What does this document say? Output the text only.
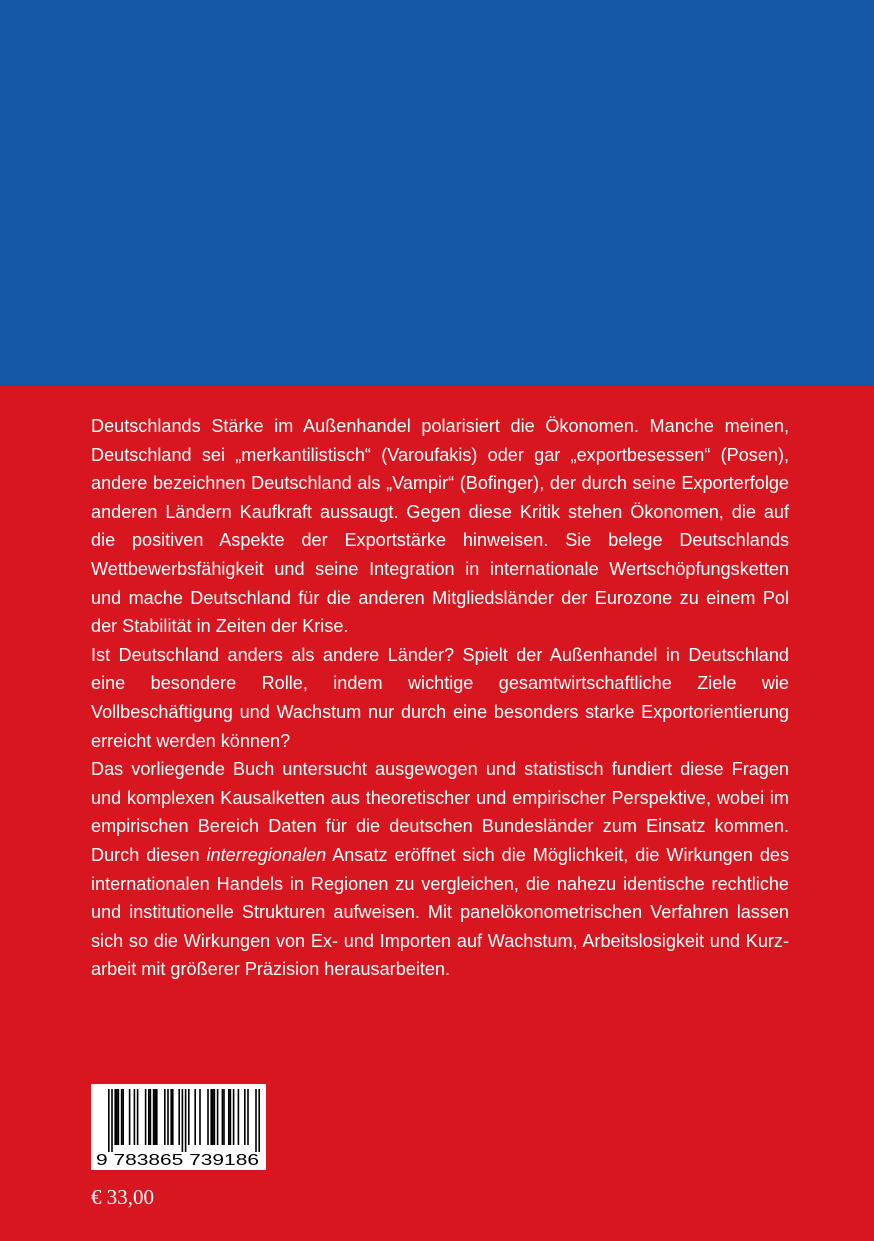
Deutschlands Stärke im Außenhandel polarisiert die Ökonomen. Manche meinen, Deutschland sei „merkantilistisch“ (Varoufakis) oder gar „exportbesessen“ (Posen), andere bezeichnen Deutschland als „Vampir“ (Bofinger), der durch seine Exporterfolge anderen Ländern Kaufkraft aussaugt. Gegen diese Kritik stehen Ökonomen, die auf die positiven Aspekte der Exportstärke hinweisen. Sie belege Deutschlands Wettbewerbsfähigkeit und seine Integration in internationale Wertschöpfungsketten und mache Deutschland für die anderen Mitgliedsländer der Eurozone zu einem Pol der Stabilität in Zeiten der Krise.

Ist Deutschland anders als andere Länder? Spielt der Außenhandel in Deutschland eine besondere Rolle, indem wichtige gesamtwirtschaftliche Ziele wie Vollbeschäftigung und Wachstum nur durch eine besonders starke Exportorientierung erreicht werden können?

Das vorliegende Buch untersucht ausgewogen und statistisch fundiert diese Fragen und komplexen Kausalketten aus theoretischer und empirischer Perspektive, wobei im empirischen Bereich Daten für die deutschen Bundesländer zum Einsatz kommen. Durch diesen interregionalen Ansatz eröffnet sich die Möglichkeit, die Wirkungen des internationalen Handels in Regionen zu vergleichen, die nahezu identische rechtliche und institutionelle Strukturen aufweisen. Mit panelökonometrischen Verfahren lassen sich so die Wirkungen von Ex- und Importen auf Wachstum, Arbeitslosigkeit und Kurzarbeit mit größerer Präzision herausarbeiten.

9 783865 739186
€ 33,00
